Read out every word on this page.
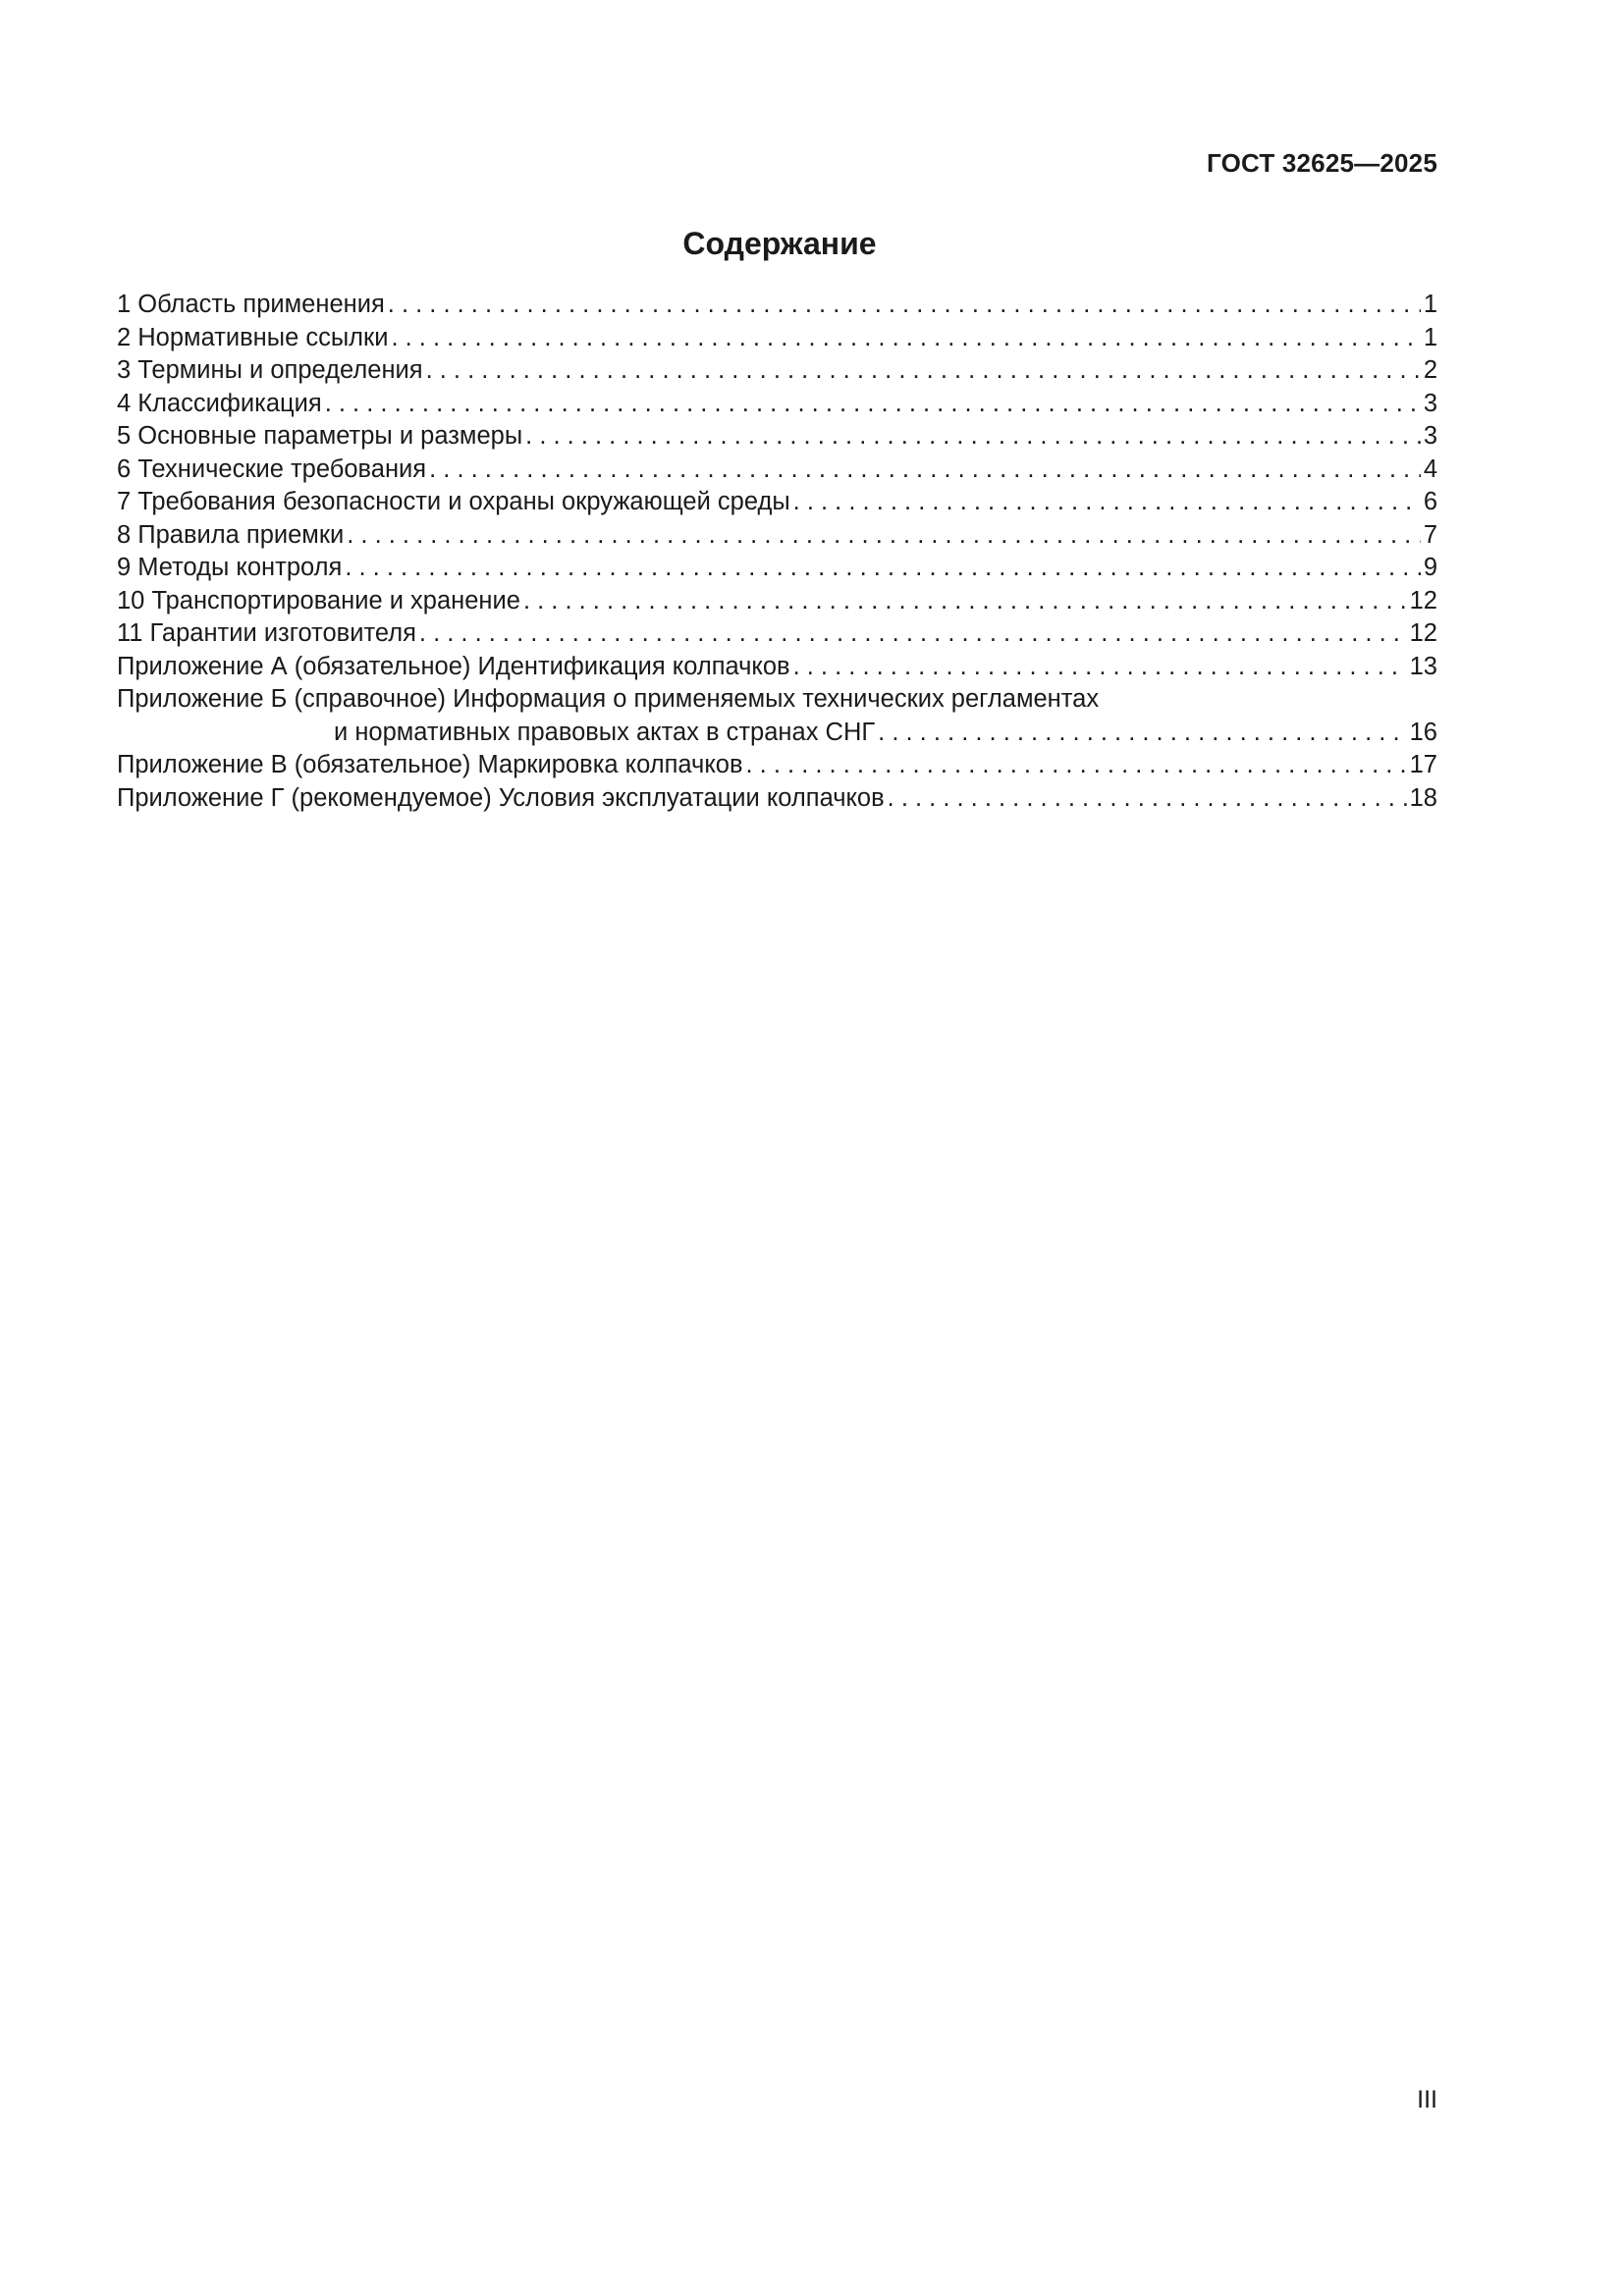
ГОСТ 32625—2025
Содержание
1 Область применения . . .	1
2 Нормативные ссылки . . .	1
3 Термины и определения . . .	2
4 Классификация . . .	3
5 Основные параметры и размеры . . .	3
6 Технические требования . . .	4
7 Требования безопасности и охраны окружающей среды . . .	6
8 Правила приемки . . .	7
9 Методы контроля . . .	9
10 Транспортирование и хранение . . .	12
11 Гарантии изготовителя . . .	12
Приложение А (обязательное) Идентификация колпачков . . .	13
Приложение Б (справочное) Информация о применяемых технических регламентах
и нормативных правовых актах в странах СНГ . . .	16
Приложение В (обязательное) Маркировка колпачков . . .	17
Приложение Г (рекомендуемое) Условия эксплуатации колпачков . . .	18
III
